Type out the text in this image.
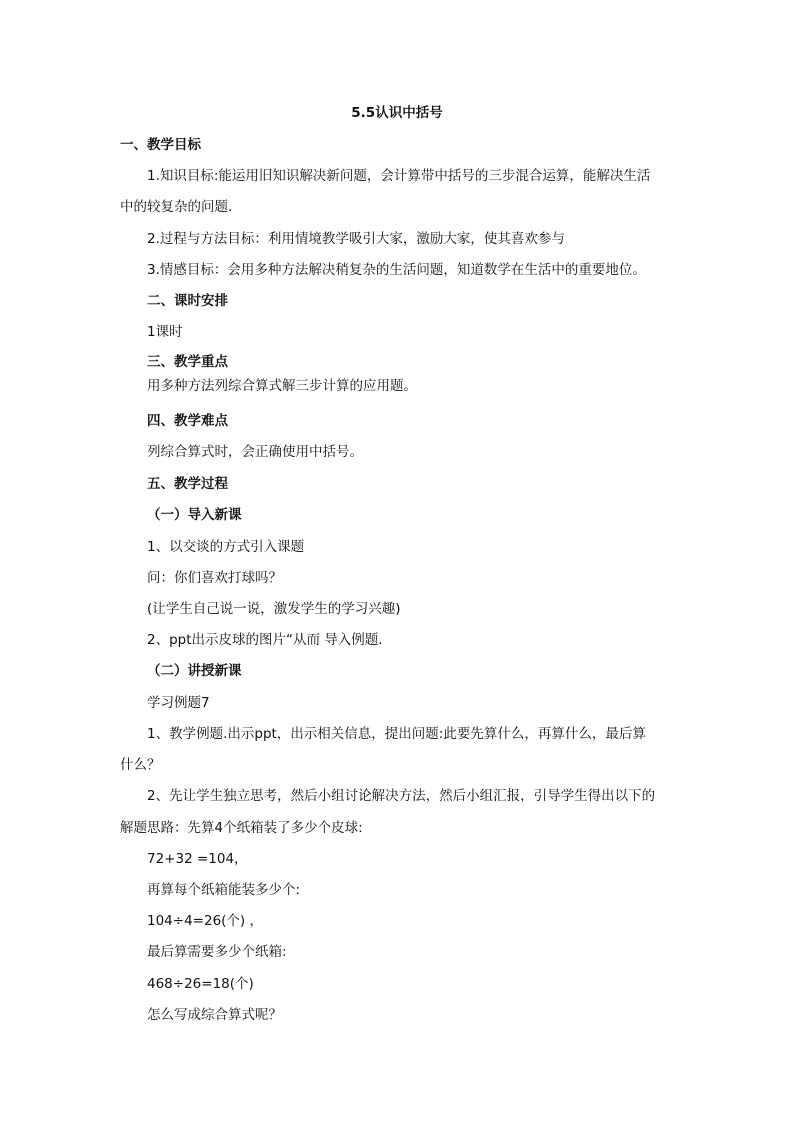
5.5认识中括号
一、教学目标
1.知识目标:能运用旧知识解决新问题，会计算带中括号的三步混合运算，能解决生活
中的较复杂的问题.
2.过程与方法目标：利用情境教学吸引大家，激励大家，使其喜欢参与
3.情感目标：会用多种方法解决稍复杂的生活问题，知道数学在生活中的重要地位。
二、课时安排
1课时
三、教学重点
用多种方法列综合算式解三步计算的应用题。
四、教学难点
列综合算式时，会正确使用中括号。
五、教学过程
（一）导入新课
1、以交谈的方式引入课题
问：你们喜欢打球吗？
(让学生自己说一说，激发学生的学习兴趣)
2、ppt出示皮球的图片“从而 导入例题.
（二）讲授新课
学习例题7
1、教学例题.出示ppt，出示相关信息，提出问题:此要先算什么，再算什么，最后算
什么？
2、先让学生独立思考，然后小组讨论解决方法，然后小组汇报，引导学生得出以下的
解题思路：先算4个纸箱装了多少个皮球:
72+32 =104，
再算每个纸箱能装多少个:
104÷4=26(个) ，
最后算需要多少个纸箱:
468÷26=18(个)
怎么写成综合算式呢？
